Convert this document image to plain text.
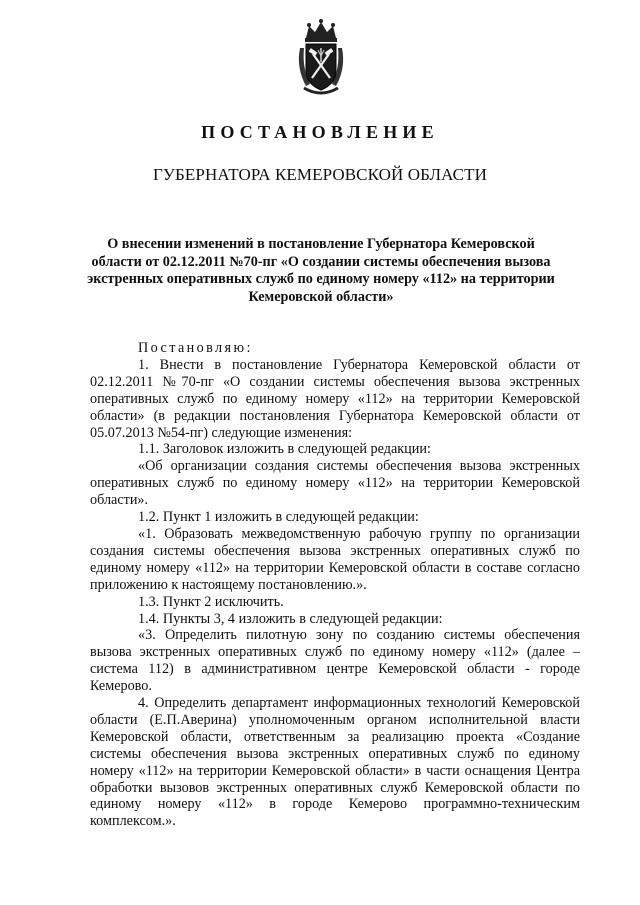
ПОСТАНОВЛЕНИЕ
ГУБЕРНАТОРА КЕМЕРОВСКОЙ ОБЛАСТИ
О внесении изменений в постановление Губернатора Кемеровской области от 02.12.2011 №70-пг «О создании системы обеспечения вызова экстренных оперативных служб по единому номеру «112» на территории Кемеровской области»

Постановляю:

1. Внести в постановление Губернатора Кемеровской области от 02.12.2011 №70-пг «О создании системы обеспечения вызова экстренных оперативных служб по единому номеру «112» на территории Кемеровской области» (в редакции постановления Губернатора Кемеровской области от 05.07.2013 №54-пг) следующие изменения:

1.1. Заголовок изложить в следующей редакции:

«Об организации создания системы обеспечения вызова экстренных оперативных служб по единому номеру «112» на территории Кемеровской области».

1.2. Пункт 1 изложить в следующей редакции:

«1. Образовать межведомственную рабочую группу по организации создания системы обеспечения вызова экстренных оперативных служб по единому номеру «112» на территории Кемеровской области в составе согласно приложению к настоящему постановлению.».

1.3. Пункт 2 исключить.

1.4. Пункты 3, 4 изложить в следующей редакции:

«3. Определить пилотную зону по созданию системы обеспечения вызова экстренных оперативных служб по единому номеру «112» (далее – система 112) в административном центре Кемеровской области - городе Кемерово.

4. Определить департамент информационных технологий Кемеровской области (Е.П.Аверина) уполномоченным органом исполнительной власти Кемеровской области, ответственным за реализацию проекта «Создание системы обеспечения вызова экстренных оперативных служб по единому номеру «112» на территории Кемеровской области» в части оснащения Центра обработки вызовов экстренных оперативных служб Кемеровской области по единому номеру «112» в городе Кемерово программно-техническим комплексом.».
